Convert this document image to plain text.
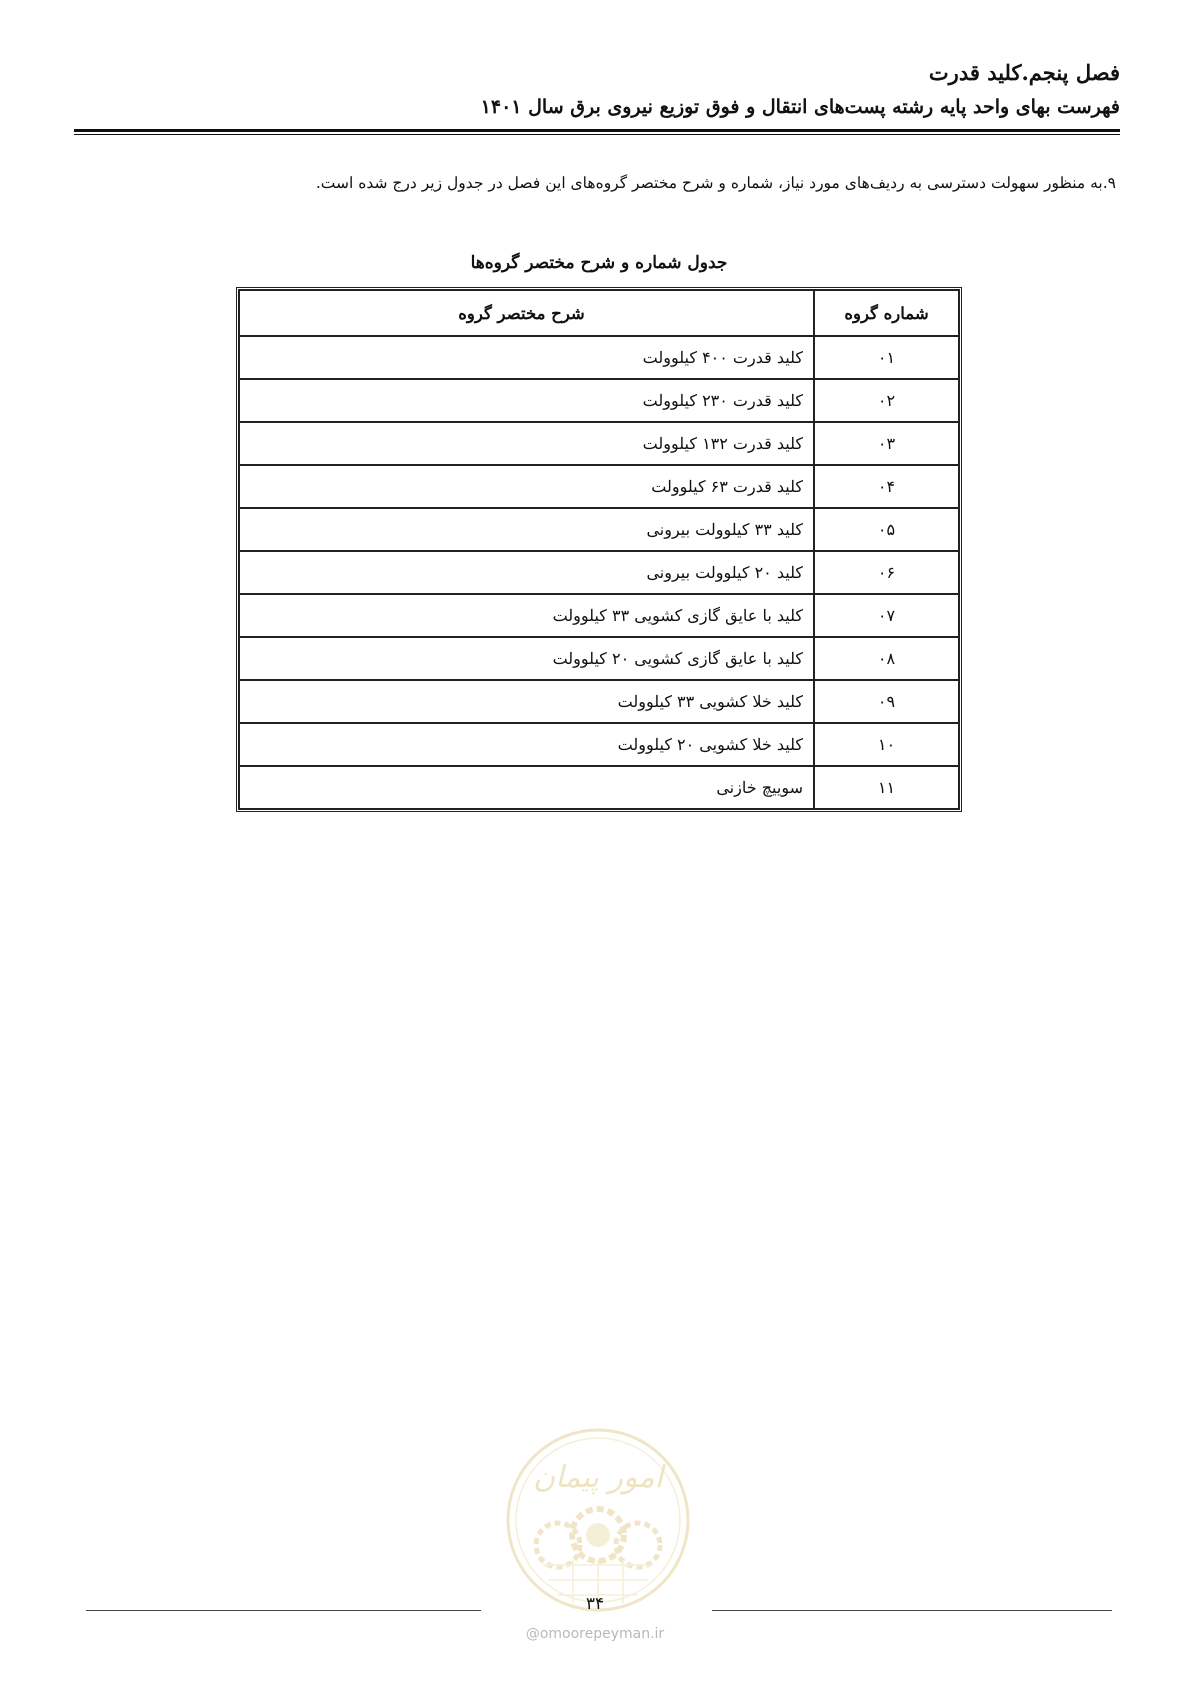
فصل پنجم.کلید قدرت

فهرست بهای واحد پایه رشته پست‌های انتقال و فوق توزیع نیروی برق سال ۱۴۰۱

۹.به منظور سهولت دسترسی به ردیف‌های مورد نیاز، شماره و شرح مختصر گروه‌های این فصل در جدول زیر درج شده است.
جدول شماره و شرح مختصر گروه‌ها
شماره گروه	شرح مختصر گروه
۰۱	کلید قدرت ۴۰۰ کیلوولت
۰۲	کلید قدرت ۲۳۰ کیلوولت
۰۳	کلید قدرت ۱۳۲ کیلوولت
۰۴	کلید قدرت ۶۳ کیلوولت
۰۵	کلید ۳۳ کیلوولت بیرونی
۰۶	کلید ۲۰ کیلوولت بیرونی
۰۷	کلید با عایق گازی کشویی ۳۳ کیلوولت
۰۸	کلید با عایق گازی کشویی ۲۰ کیلوولت
۰۹	کلید خلا کشویی ۳۳ کیلوولت
۱۰	کلید خلا کشویی ۲۰ کیلوولت
۱۱	سوییچ خازنی
امور پیمان
۳۴
@omoorepeyman.ir
